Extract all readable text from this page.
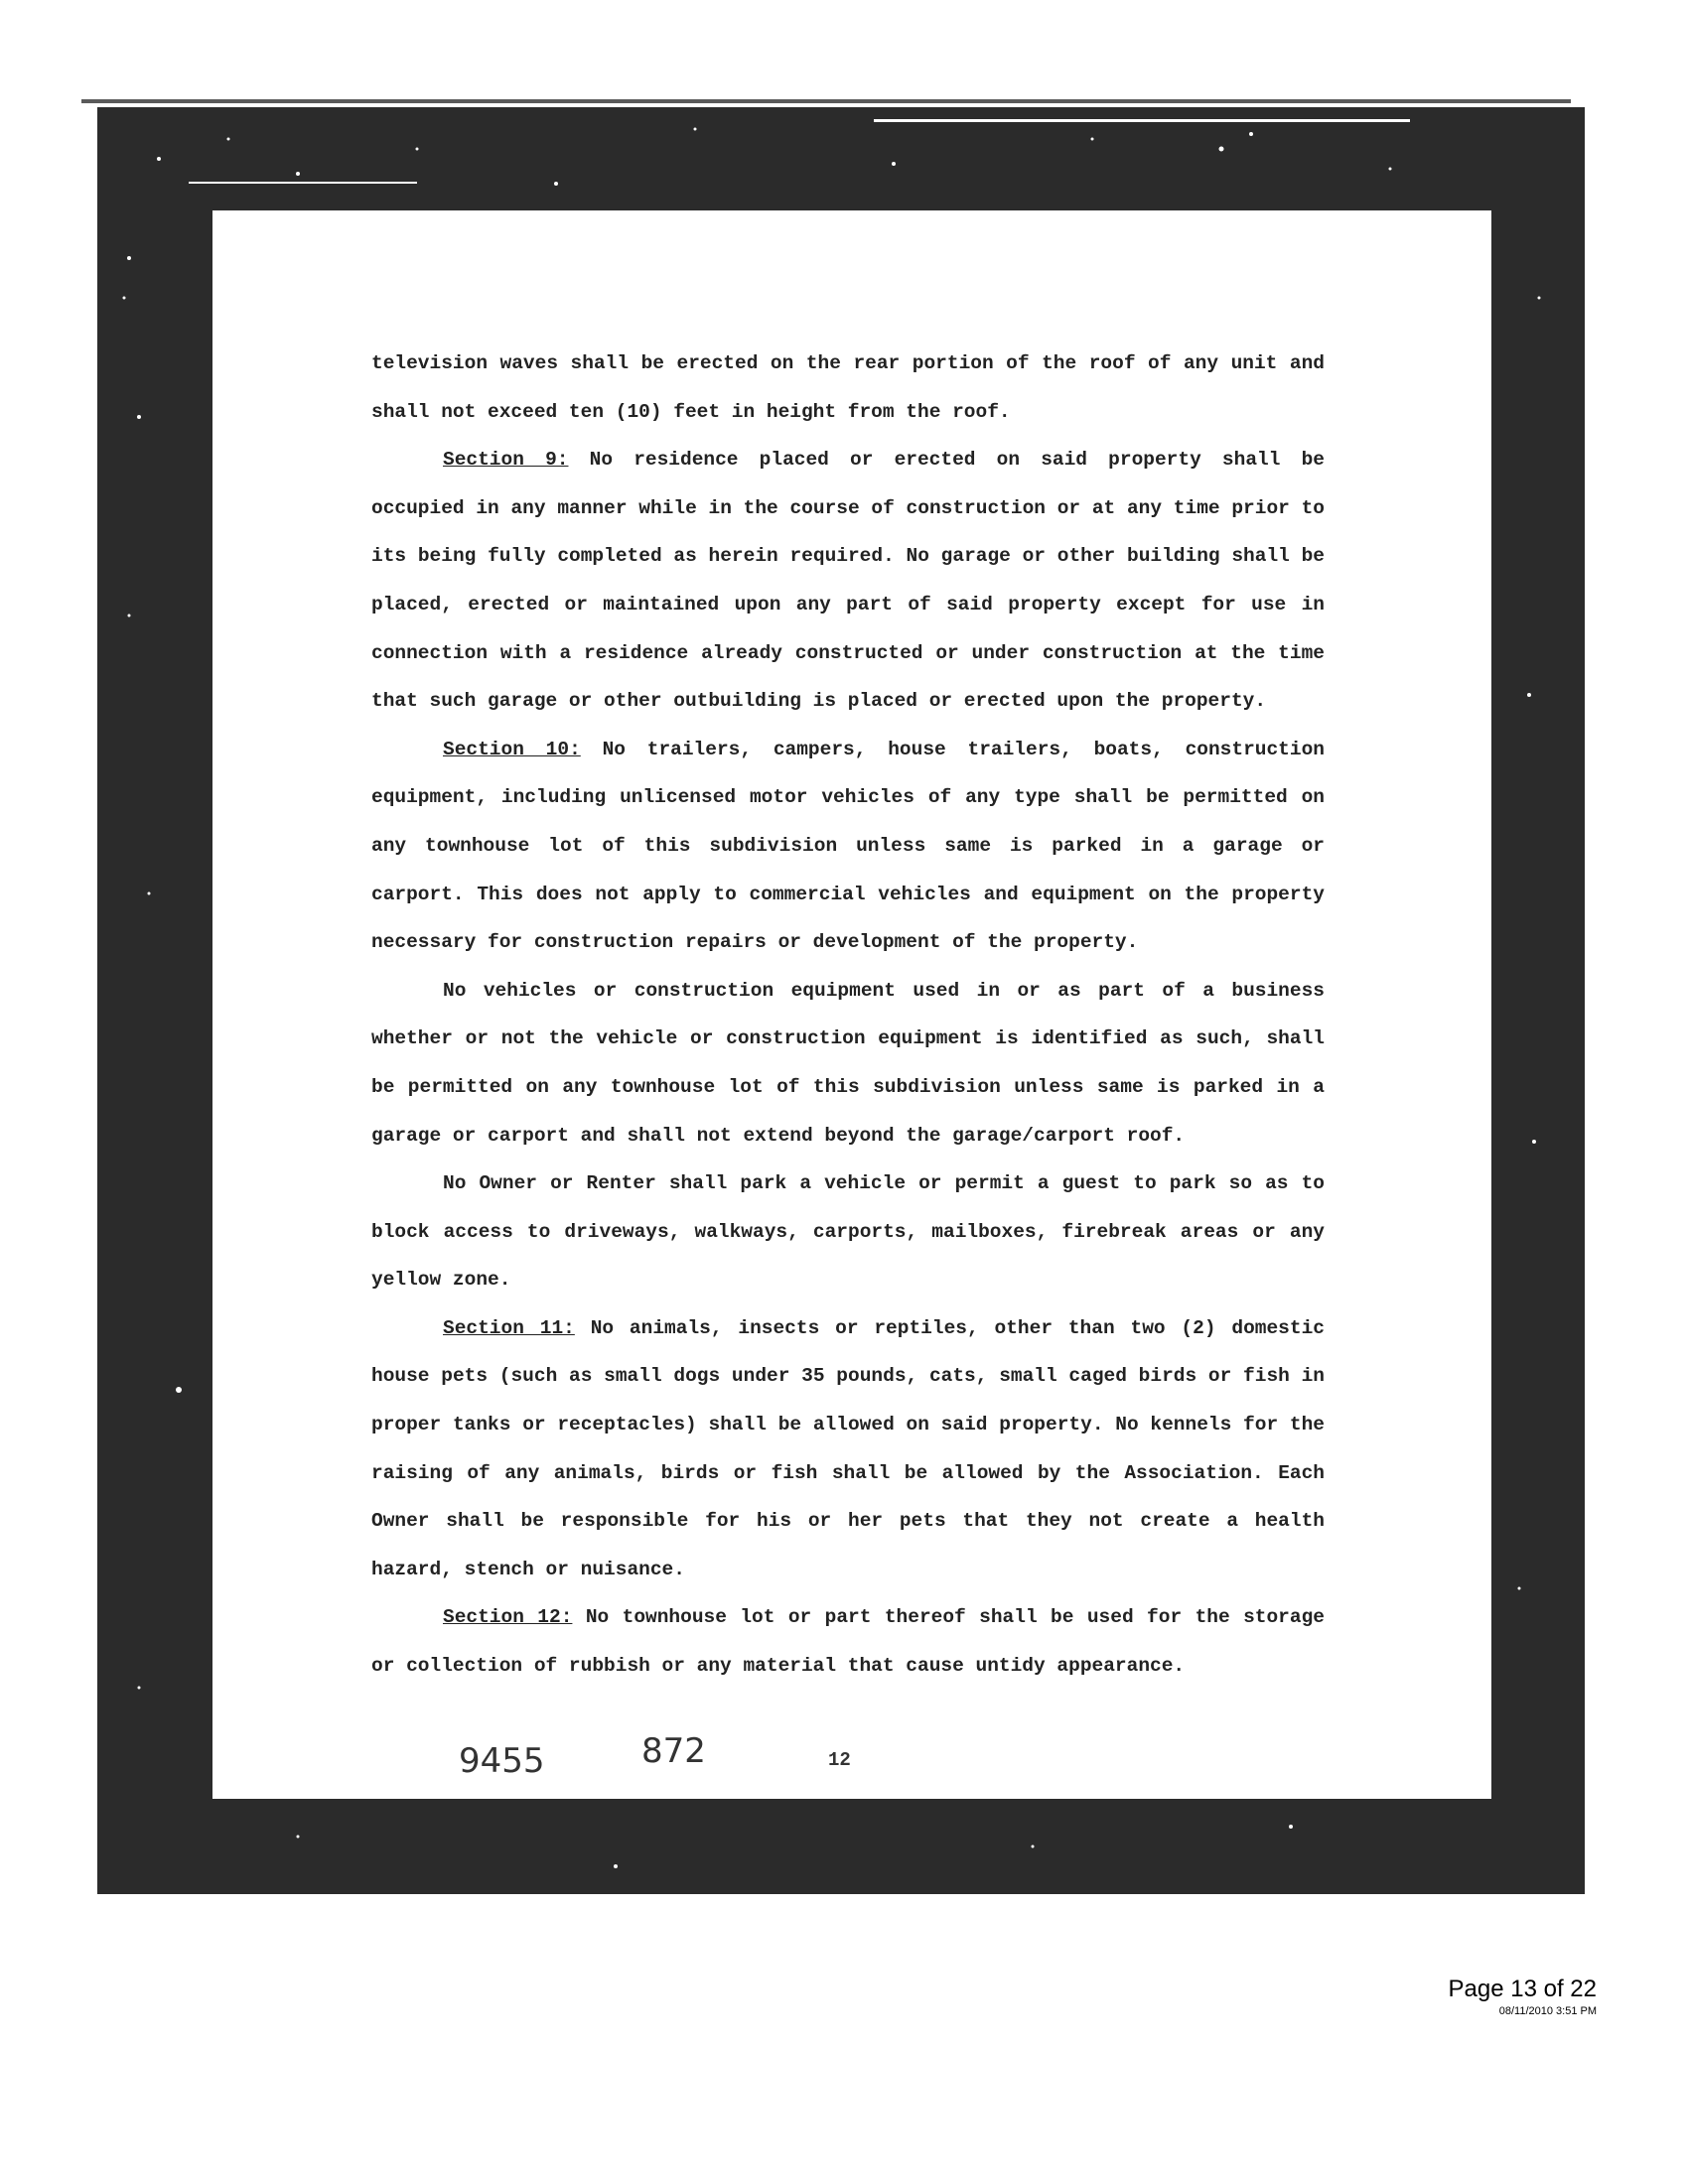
television waves shall be erected on the rear portion of the roof of any unit and shall not exceed ten (10) feet in height from the roof.

Section 9: No residence placed or erected on said property shall be occupied in any manner while in the course of construction or at any time prior to its being fully completed as herein required. No garage or other building shall be placed, erected or maintained upon any part of said property except for use in connection with a residence already constructed or under construction at the time that such garage or other outbuilding is placed or erected upon the property.

Section 10: No trailers, campers, house trailers, boats, construction equipment, including unlicensed motor vehicles of any type shall be permitted on any townhouse lot of this subdivision unless same is parked in a garage or carport. This does not apply to commercial vehicles and equipment on the property necessary for construction repairs or development of the property.

No vehicles or construction equipment used in or as part of a business whether or not the vehicle or construction equipment is identified as such, shall be permitted on any townhouse lot of this subdivision unless same is parked in a garage or carport and shall not extend beyond the garage/carport roof.

No Owner or Renter shall park a vehicle or permit a guest to park so as to block access to driveways, walkways, carports, mailboxes, firebreak areas or any yellow zone.

Section 11: No animals, insects or reptiles, other than two (2) domestic house pets (such as small dogs under 35 pounds, cats, small caged birds or fish in proper tanks or receptacles) shall be allowed on said property. No kennels for the raising of any animals, birds or fish shall be allowed by the Association. Each Owner shall be responsible for his or her pets that they not create a health hazard, stench or nuisance.

Section 12: No townhouse lot or part thereof shall be used for the storage or collection of rubbish or any material that cause untidy appearance.

9455	872	12
Page 13 of 22
08/11/2010 3:51 PM
